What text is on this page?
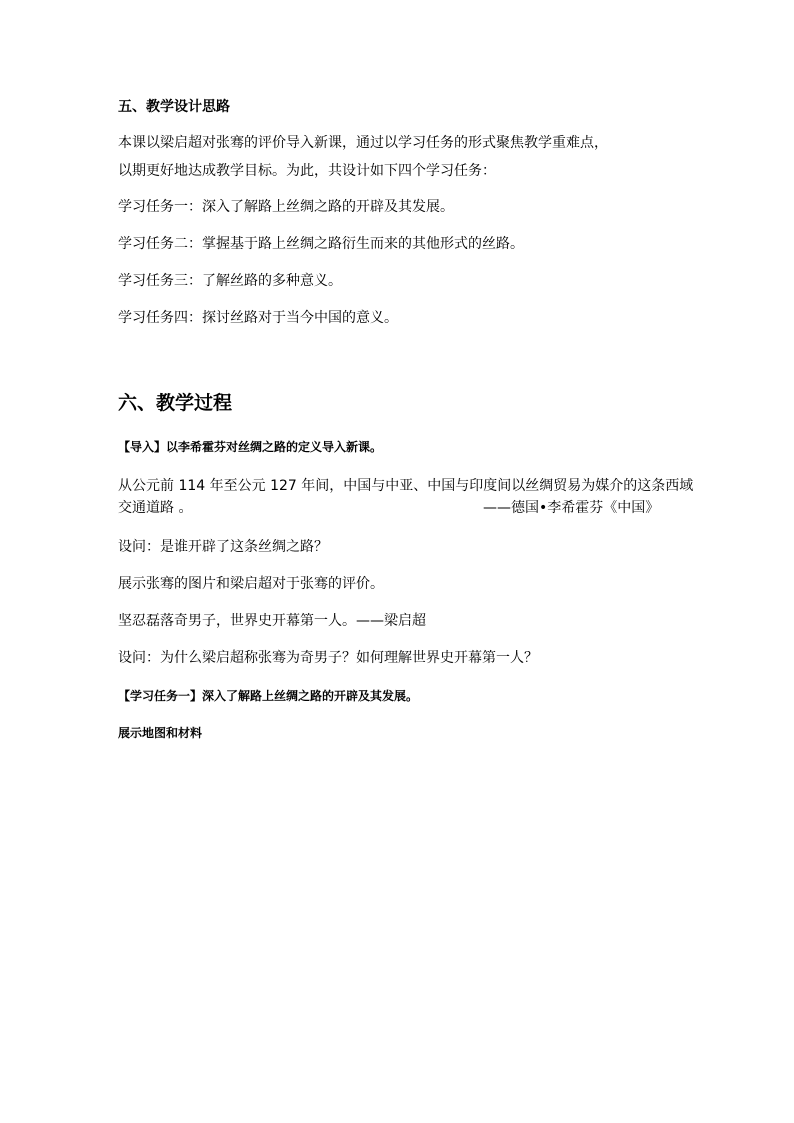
五、教学设计思路
本课以梁启超对张骞的评价导入新课，通过以学习任务的形式聚焦教学重难点，
以期更好地达成教学目标。为此，共设计如下四个学习任务：
学习任务一：深入了解路上丝绸之路的开辟及其发展。
学习任务二：掌握基于路上丝绸之路衍生而来的其他形式的丝路。
学习任务三：了解丝路的多种意义。
学习任务四：探讨丝路对于当今中国的意义。
六、教学过程
【导入】以李希霍芬对丝绸之路的定义导入新课。
从公元前 114 年至公元 127 年间，中国与中亚、中国与印度间以丝绸贸易为媒介的这条西域
交通道路 。	——德国•李希霍芬《中国》
设问：是谁开辟了这条丝绸之路？
展示张骞的图片和梁启超对于张骞的评价。
坚忍磊落奇男子，世界史开幕第一人。——梁启超
设问：为什么梁启超称张骞为奇男子？如何理解世界史开幕第一人？
【学习任务一】深入了解路上丝绸之路的开辟及其发展。
展示地图和材料
